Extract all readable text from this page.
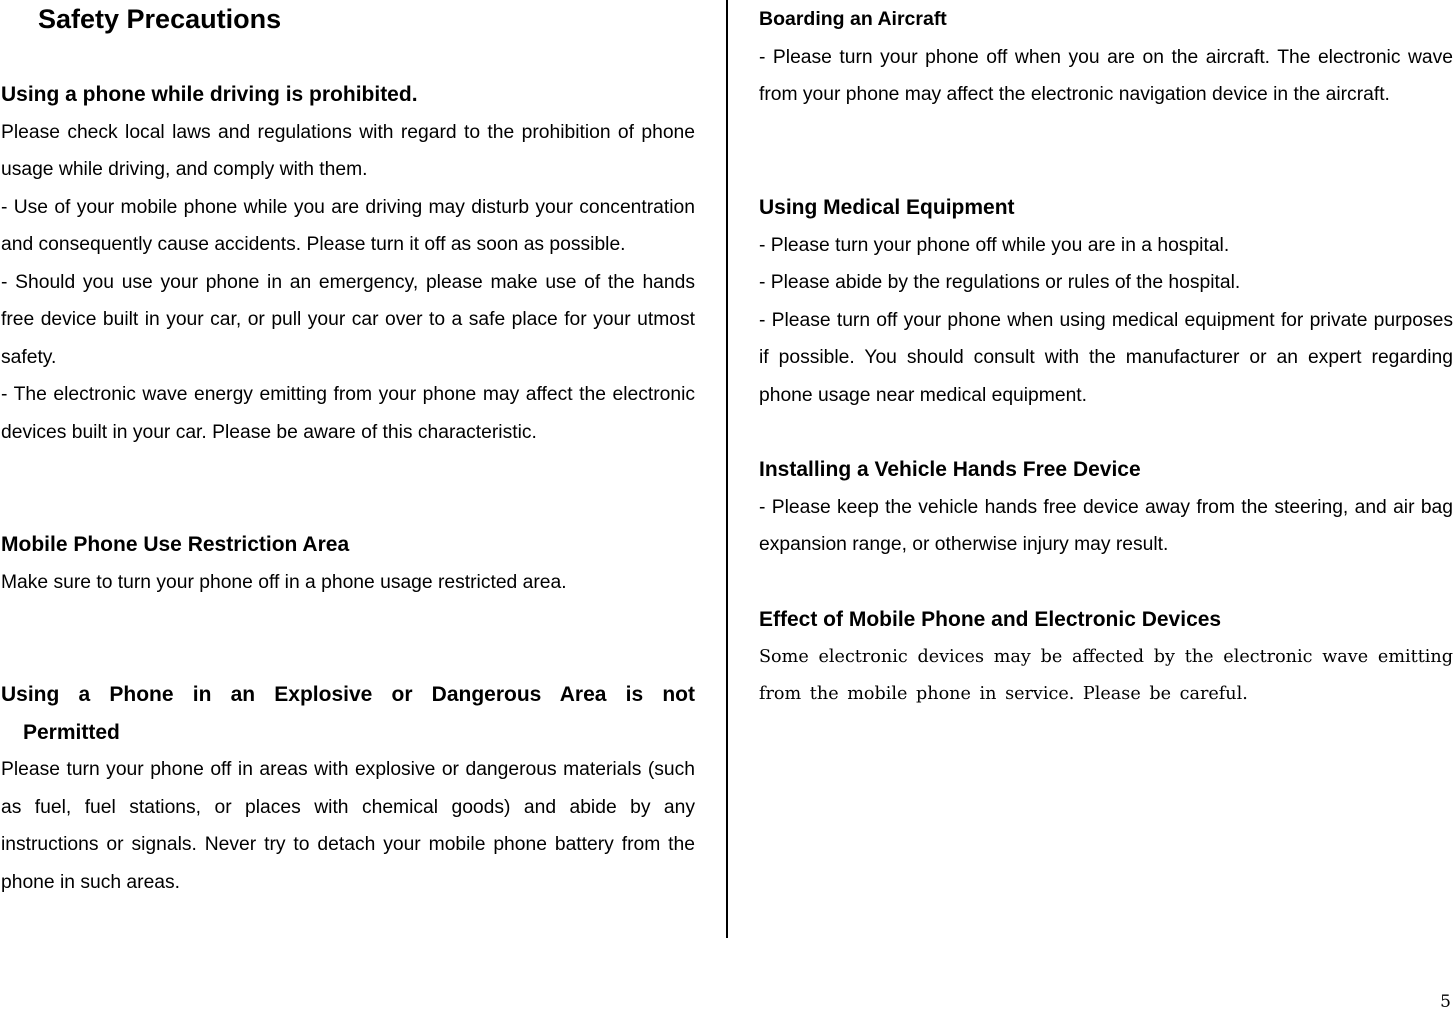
Safety Precautions
Using a phone while driving is prohibited.

Please check local laws and regulations with regard to the prohibition of phone usage while driving, and comply with them.

- Use of your mobile phone while you are driving may disturb your concentration and consequently cause accidents. Please turn it off as soon as possible.

- Should you use your phone in an emergency, please make use of the hands free device built in your car, or pull your car over to a safe place for your utmost safety.

- The electronic wave energy emitting from your phone may affect the electronic devices built in your car. Please be aware of this characteristic.

Mobile Phone Use Restriction Area

Make sure to turn your phone off in a phone usage restricted area.

Using a Phone in an Explosive or Dangerous Area is not
Permitted

Please turn your phone off in areas with explosive or dangerous materials (such as fuel, fuel stations, or places with chemical goods) and abide by any instructions or signals. Never try to detach your mobile phone battery from the phone in such areas.

Boarding an Aircraft

- Please turn your phone off when you are on the aircraft. The electronic wave from your phone may affect the electronic navigation device in the aircraft.

Using Medical Equipment

- Please turn your phone off while you are in a hospital.

- Please abide by the regulations or rules of the hospital.

- Please turn off your phone when using medical equipment for private purposes if possible. You should consult with the manufacturer or an expert regarding phone usage near medical equipment.

Installing a Vehicle Hands Free Device

- Please keep the vehicle hands free device away from the steering, and air bag expansion range, or otherwise injury may result.

Effect of Mobile Phone and Electronic Devices

Some electronic devices may be affected by the electronic wave emitting from the mobile phone in service. Please be careful.

5
